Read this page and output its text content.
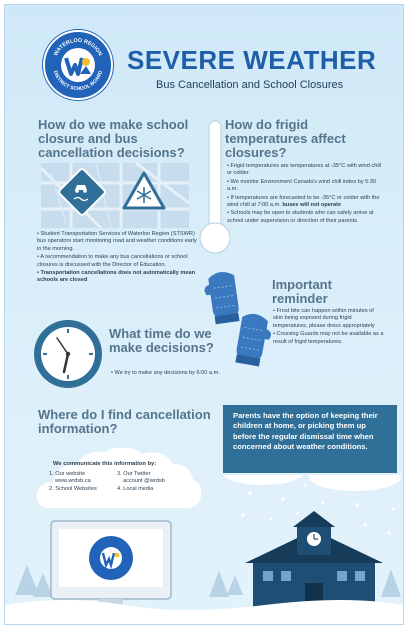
WATERLOO REGION
DISTRICT SCHOOL BOARD SEVERE WEATHER
Bus Cancellation and School Closures
How do we make school closure and bus cancellation decisions?

• Student Transportation Services of Waterloo Region (STSWR) bus operators start monitoring road and weather conditions early in the morning.

• A recommendation to make any bus cancellations or school closures is discussed with the Director of Education.

• Transportation cancellations does not automatically mean schools are closed

How do frigid temperatures affect closures?

• Frigid temperatures are temperatures at -35°C with wind chill or colder.

• We monitor Environment Canada's wind chill index by 5:30 a.m.

• If temperatures are forecasted to be -35°C or colder with the wind chill at 7:00 a.m. buses will not operate

• Schools may be open to students who can safely arrive at school under supervision or direction of their parents.

What time do we make decisions?

• We try to make any decisions by 6:00 a.m.

Important reminder

• Frost bite can happen within minutes of skin being exposed during frigid temperatures, please dress appropriately

• Crossing Guards may not be available as a result of frigid temperatures.

Where do I find cancellation information?
Parents have the option of keeping their children at home, or picking them up before the regular dismissal time when concerned about weather conditions.
We communicate this information by:
1. Our website
www.wrdsb.ca
2. School Websites
3. Our Twitter
account @wrdsb
4. Local media
